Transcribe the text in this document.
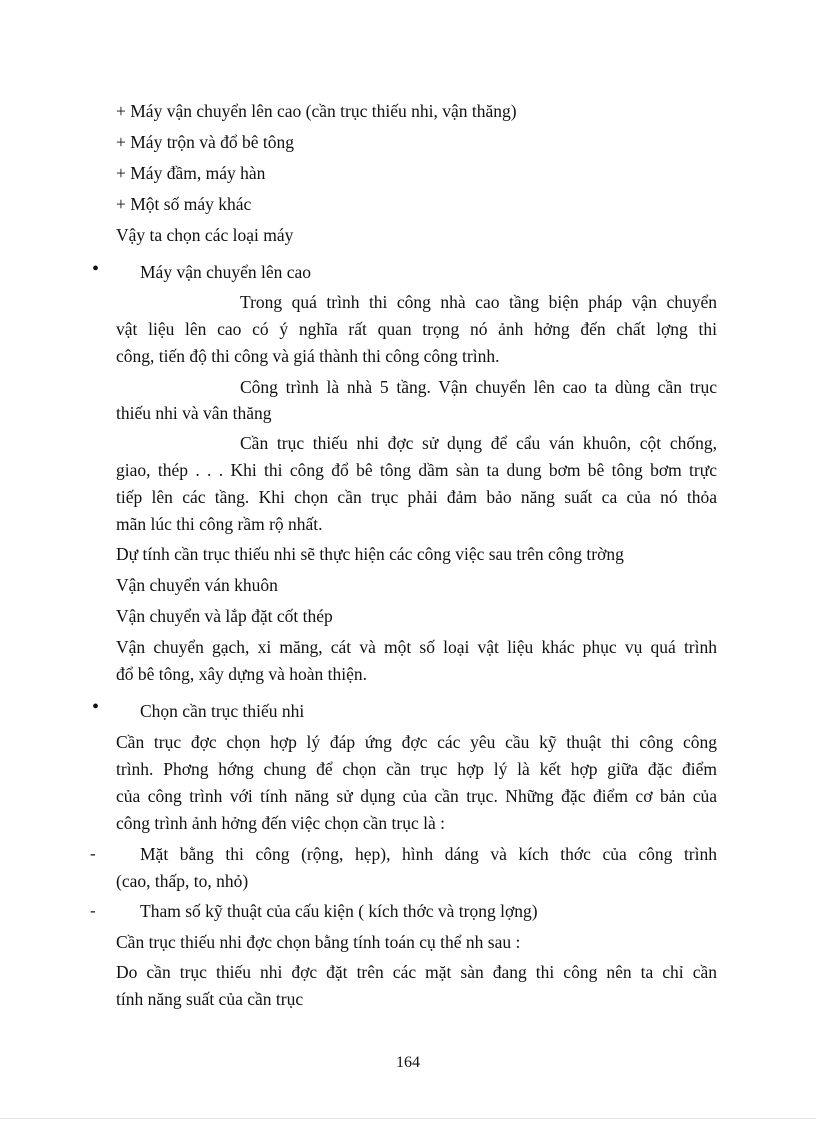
+ Máy vận chuyển lên cao (cần trục thiếu nhi, vận thăng)
+ Máy trộn và đổ bê tông
+ Máy đầm, máy hàn
+ Một số máy khác
Vậy ta chọn các loại máy
• Máy vận chuyển lên cao
Trong quá trình thi công nhà cao tầng biện pháp vận chuyển
vật liệu lên cao có ý nghĩa rất quan trọng nó ảnh hởng đến chất lợng thi
công, tiến độ thi công và giá thành thi công công trình.
Công trình là nhà 5 tầng. Vận chuyển lên cao ta dùng cần trục
thiếu nhi và vân thăng
Cần trục thiếu nhi đợc sử dụng để cẩu ván khuôn, cột chống,
giao, thép . . . Khi thi công đổ bê tông dầm sàn ta dung bơm bê tông bơm trực
tiếp lên các tầng. Khi chọn cần trục phải đảm bảo năng suất ca của nó thỏa
mãn lúc thi công rầm rộ nhất.
Dự tính cần trục thiếu nhi sẽ thực hiện các công việc sau trên công trờng
Vận chuyển ván khuôn
Vận chuyển và lắp đặt cốt thép
Vận chuyển gạch, xi măng, cát và một số loại vật liệu khác phục vụ quá trình
đổ bê tông, xây dựng và hoàn thiện.
• Chọn cần trục thiếu nhi
Cần trục đợc chọn hợp lý đáp ứng đợc các yêu cầu kỹ thuật thi công công
trình. Phơng hớng chung để chọn cần trục hợp lý là kết hợp giữa đặc điểm
của công trình với tính năng sử dụng của cần trục. Những đặc điểm cơ bản của
công trình ảnh hởng đến việc chọn cần trục là :
-	Mặt bằng thi công (rộng, hẹp), hình dáng và kích thớc của công trình
(cao, thấp, to, nhỏ)
-	Tham số kỹ thuật của cấu kiện ( kích thớc và trọng lợng)
Cần trục thiếu nhi đợc chọn bằng tính toán cụ thể nh sau :
Do cần trục thiếu nhi đợc đặt trên các mặt sàn đang thi công nên ta chỉ cần
tính năng suất của cần trục
164
